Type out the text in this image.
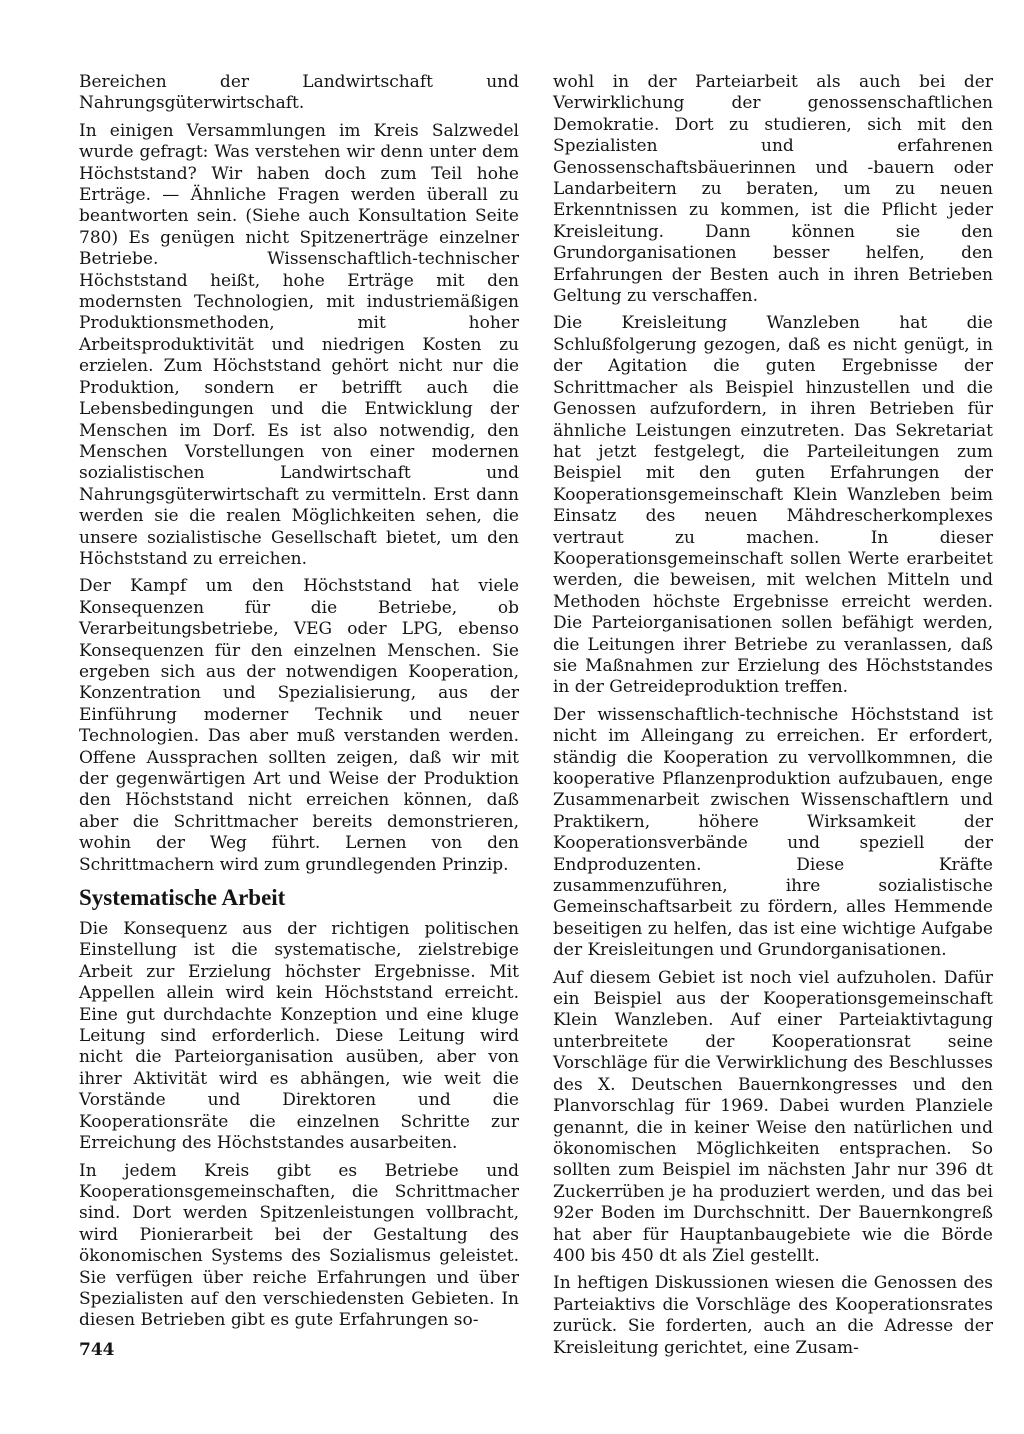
Bereichen der Landwirtschaft und Nahrungsgüterwirtschaft.

In einigen Versammlungen im Kreis Salzwedel wurde gefragt: Was verstehen wir denn unter dem Höchststand? Wir haben doch zum Teil hohe Erträge. — Ähnliche Fragen werden überall zu beantworten sein. (Siehe auch Konsultation Seite 780) Es genügen nicht Spitzenerträge einzelner Betriebe. Wissenschaftlich-technischer Höchststand heißt, hohe Erträge mit den modernsten Technologien, mit industriemäßigen Produktionsmethoden, mit hoher Arbeitsproduktivität und niedrigen Kosten zu erzielen. Zum Höchststand gehört nicht nur die Produktion, sondern er betrifft auch die Lebensbedingungen und die Entwicklung der Menschen im Dorf. Es ist also notwendig, den Menschen Vorstellungen von einer modernen sozialistischen Landwirtschaft und Nahrungsgüterwirtschaft zu vermitteln. Erst dann werden sie die realen Möglichkeiten sehen, die unsere sozialistische Gesellschaft bietet, um den Höchststand zu erreichen.

Der Kampf um den Höchststand hat viele Konsequenzen für die Betriebe, ob Verarbeitungsbetriebe, VEG oder LPG, ebenso Konsequenzen für den einzelnen Menschen. Sie ergeben sich aus der notwendigen Kooperation, Konzentration und Spezialisierung, aus der Einführung moderner Technik und neuer Technologien. Das aber muß verstanden werden. Offene Aussprachen sollten zeigen, daß wir mit der gegenwärtigen Art und Weise der Produktion den Höchststand nicht erreichen können, daß aber die Schrittmacher bereits demonstrieren, wohin der Weg führt. Lernen von den Schrittmachern wird zum grundlegenden Prinzip.

Systematische Arbeit

Die Konsequenz aus der richtigen politischen Einstellung ist die systematische, zielstrebige Arbeit zur Erzielung höchster Ergebnisse. Mit Appellen allein wird kein Höchststand erreicht. Eine gut durchdachte Konzeption und eine kluge Leitung sind erforderlich. Diese Leitung wird nicht die Parteiorganisation ausüben, aber von ihrer Aktivität wird es abhängen, wie weit die Vorstände und Direktoren und die Kooperationsräte die einzelnen Schritte zur Erreichung des Höchststandes ausarbeiten.

In jedem Kreis gibt es Betriebe und Kooperationsgemeinschaften, die Schrittmacher sind. Dort werden Spitzenleistungen vollbracht, wird Pionierarbeit bei der Gestaltung des ökonomischen Systems des Sozialismus geleistet. Sie verfügen über reiche Erfahrungen und über Spezialisten auf den verschiedensten Gebieten. In diesen Betrieben gibt es gute Erfahrungen so-

wohl in der Parteiarbeit als auch bei der Verwirklichung der genossenschaftlichen Demokratie. Dort zu studieren, sich mit den Spezialisten und erfahrenen Genossenschaftsbäuerinnen und -bauern oder Landarbeitern zu beraten, um zu neuen Erkenntnissen zu kommen, ist die Pflicht jeder Kreisleitung. Dann können sie den Grundorganisationen besser helfen, den Erfahrungen der Besten auch in ihren Betrieben Geltung zu verschaffen.

Die Kreisleitung Wanzleben hat die Schlußfolgerung gezogen, daß es nicht genügt, in der Agitation die guten Ergebnisse der Schrittmacher als Beispiel hinzustellen und die Genossen aufzufordern, in ihren Betrieben für ähnliche Leistungen einzutreten. Das Sekretariat hat jetzt festgelegt, die Parteileitungen zum Beispiel mit den guten Erfahrungen der Kooperationsgemeinschaft Klein Wanzleben beim Einsatz des neuen Mähdrescherkomplexes vertraut zu machen. In dieser Kooperationsgemeinschaft sollen Werte erarbeitet werden, die beweisen, mit welchen Mitteln und Methoden höchste Ergebnisse erreicht werden. Die Parteiorganisationen sollen befähigt werden, die Leitungen ihrer Betriebe zu veranlassen, daß sie Maßnahmen zur Erzielung des Höchststandes in der Getreideproduktion treffen.

Der wissenschaftlich-technische Höchststand ist nicht im Alleingang zu erreichen. Er erfordert, ständig die Kooperation zu vervollkommnen, die kooperative Pflanzenproduktion aufzubauen, enge Zusammenarbeit zwischen Wissenschaftlern und Praktikern, höhere Wirksamkeit der Kooperationsverbände und speziell der Endproduzenten. Diese Kräfte zusammenzuführen, ihre sozialistische Gemeinschaftsarbeit zu fördern, alles Hemmende beseitigen zu helfen, das ist eine wichtige Aufgabe der Kreisleitungen und Grundorganisationen.

Auf diesem Gebiet ist noch viel aufzuholen. Dafür ein Beispiel aus der Kooperationsgemeinschaft Klein Wanzleben. Auf einer Parteiaktivtagung unterbreitete der Kooperationsrat seine Vorschläge für die Verwirklichung des Beschlusses des X. Deutschen Bauernkongresses und den Planvorschlag für 1969. Dabei wurden Planziele genannt, die in keiner Weise den natürlichen und ökonomischen Möglichkeiten entsprachen. So sollten zum Beispiel im nächsten Jahr nur 396 dt Zuckerrüben je ha produziert werden, und das bei 92er Boden im Durchschnitt. Der Bauernkongreß hat aber für Hauptanbaugebiete wie die Börde 400 bis 450 dt als Ziel gestellt.

In heftigen Diskussionen wiesen die Genossen des Parteiaktivs die Vorschläge des Kooperationsrates zurück. Sie forderten, auch an die Adresse der Kreisleitung gerichtet, eine Zusam-

744
